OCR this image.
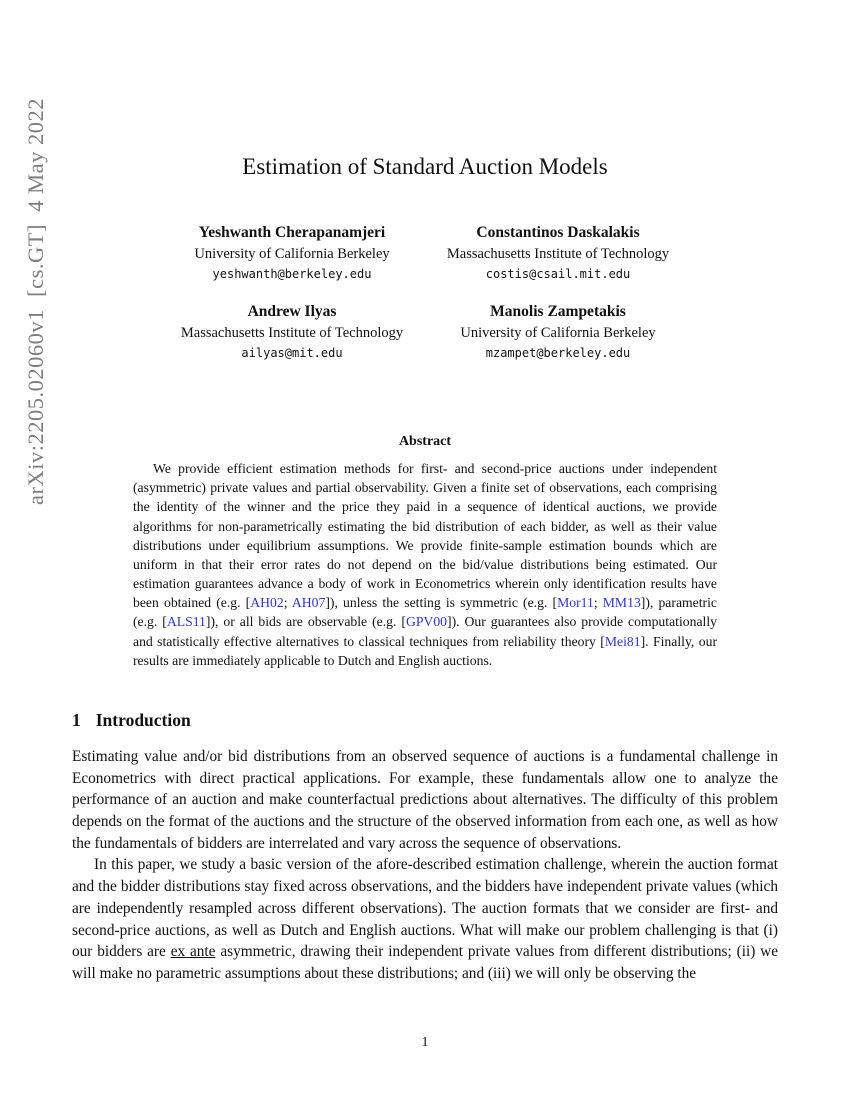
arXiv:2205.02060v1  [cs.GT]  4 May 2022	Estimation of Standard Auction Models
Yeshwanth Cherapanamjeri
University of California Berkeley
yeshwanth@berkeley.edu
Andrew Ilyas
Massachusetts Institute of Technology
ailyas@mit.edu
Constantinos Daskalakis
Massachusetts Institute of Technology
costis@csail.mit.edu
Manolis Zampetakis
University of California Berkeley
mzampet@berkeley.edu
Abstract

We provide efficient estimation methods for first- and second-price auctions under independent (asymmetric) private values and partial observability. Given a finite set of observations, each comprising the identity of the winner and the price they paid in a sequence of identical auctions, we provide algorithms for non-parametrically estimating the bid distribution of each bidder, as well as their value distributions under equilibrium assumptions. We provide finite-sample estimation bounds which are uniform in that their error rates do not depend on the bid/value distributions being estimated. Our estimation guarantees advance a body of work in Econometrics wherein only identification results have been obtained (e.g. [AH02; AH07]), unless the setting is symmetric (e.g. [Mor11; MM13]), parametric (e.g. [ALS11]), or all bids are observable (e.g. [GPV00]). Our guarantees also provide computationally and statistically effective alternatives to classical techniques from reliability theory [Mei81]. Finally, our results are immediately applicable to Dutch and English auctions.

1 Introduction

Estimating value and/or bid distributions from an observed sequence of auctions is a fundamental challenge in Econometrics with direct practical applications. For example, these fundamentals allow one to analyze the performance of an auction and make counterfactual predictions about alternatives. The difficulty of this problem depends on the format of the auctions and the structure of the observed information from each one, as well as how the fundamentals of bidders are interrelated and vary across the sequence of observations.

In this paper, we study a basic version of the afore-described estimation challenge, wherein the auction format and the bidder distributions stay fixed across observations, and the bidders have independent private values (which are independently resampled across different observations). The auction formats that we consider are first- and second-price auctions, as well as Dutch and English auctions. What will make our problem challenging is that (i) our bidders are ex ante asymmetric, drawing their independent private values from different distributions; (ii) we will make no parametric assumptions about these distributions; and (iii) we will only be observing the

1
